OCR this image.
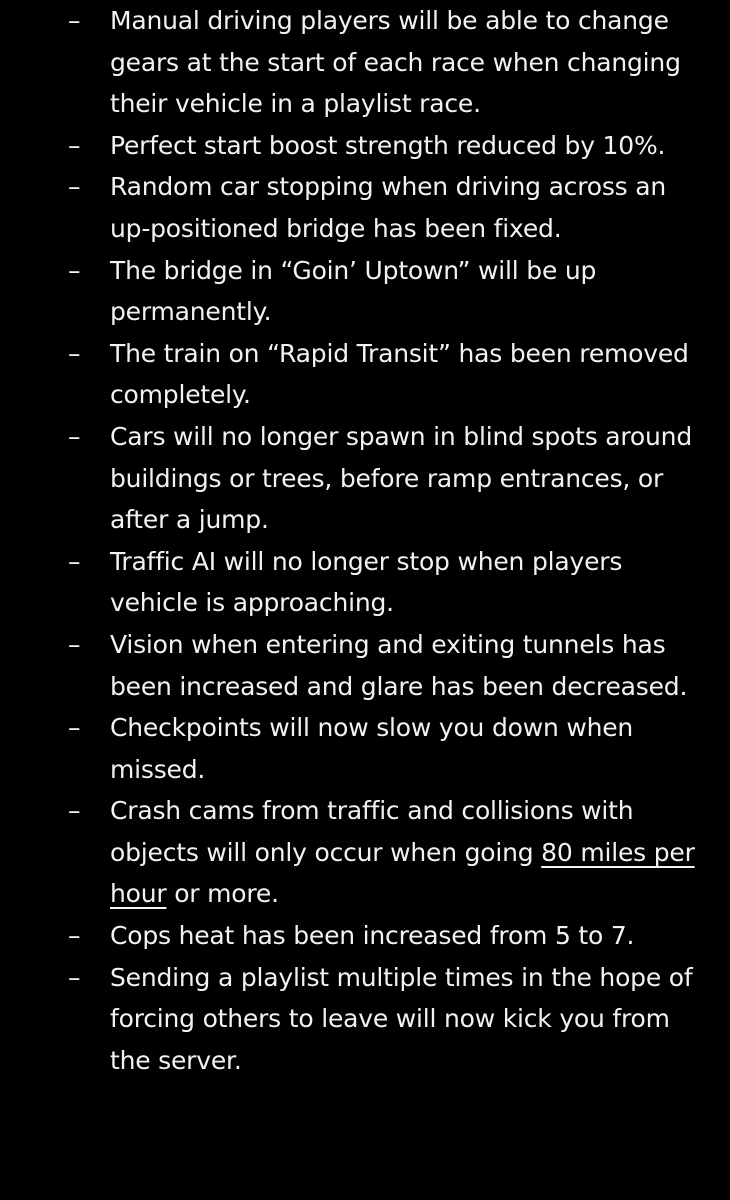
– Manual driving players will be able to change gears at the start of each race when changing their vehicle in a playlist race.
– Perfect start boost strength reduced by 10%.
– Random car stopping when driving across an up-positioned bridge has been fixed.
– The bridge in “Goin’ Uptown” will be up permanently.
– The train on “Rapid Transit” has been removed completely.
– Cars will no longer spawn in blind spots around buildings or trees, before ramp entrances, or after a jump.
– Traffic AI will no longer stop when players vehicle is approaching.
– Vision when entering and exiting tunnels has been increased and glare has been decreased.
– Checkpoints will now slow you down when missed.
– Crash cams from traffic and collisions with objects will only occur when going 80 miles per hour or more.
– Cops heat has been increased from 5 to 7.
– Sending a playlist multiple times in the hope of forcing others to leave will now kick you from the server.
